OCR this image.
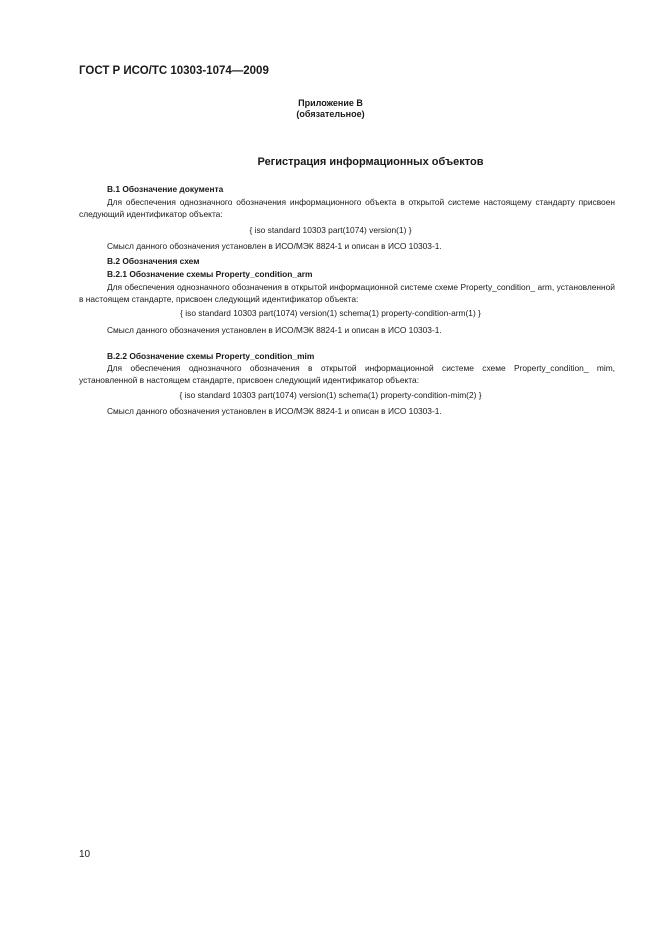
ГОСТ Р ИСО/ТС 10303-1074—2009
Приложение B
(обязательное)
Регистрация информационных объектов
B.1 Обозначение документа
Для обеспечения однозначного обозначения информационного объекта в открытой системе настоящему стандарту присвоен следующий идентификатор объекта:
{ iso standard 10303 part(1074) version(1) }
Смысл данного обозначения установлен в ИСО/МЭК 8824-1 и описан в ИСО 10303-1.
B.2 Обозначения схем
B.2.1 Обозначение схемы Property_condition_arm
Для обеспечения однозначного обозначения в открытой информационной системе схеме Property_condition_ arm, установленной в настоящем стандарте, присвоен следующий идентификатор объекта:
{ iso standard 10303 part(1074) version(1) schema(1) property-condition-arm(1) }
Смысл данного обозначения установлен в ИСО/МЭК 8824-1 и описан в ИСО 10303-1.
B.2.2 Обозначение схемы Property_condition_mim
Для обеспечения однозначного обозначения в открытой информационной системе схеме Property_condition_ mim, установленной в настоящем стандарте, присвоен следующий идентификатор объекта:
{ iso standard 10303 part(1074) version(1) schema(1) property-condition-mim(2) }
Смысл данного обозначения установлен в ИСО/МЭК 8824-1 и описан в ИСО 10303-1.
10
